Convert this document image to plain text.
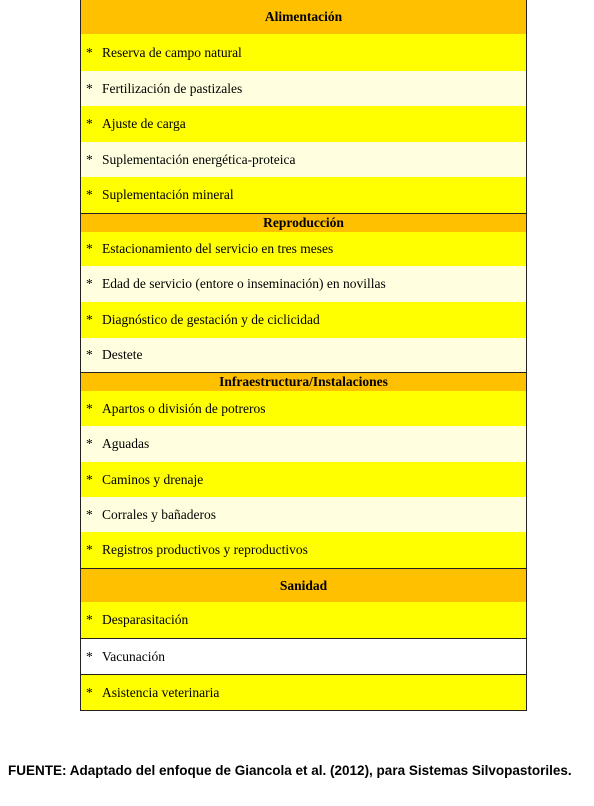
Alimentación
* Reserva de campo natural
* Fertilización de pastizales
* Ajuste de carga
* Suplementación energética-proteica
* Suplementación mineral
Reproducción
* Estacionamiento del servicio en tres meses
* Edad de servicio (entore o inseminación) en novillas
* Diagnóstico de gestación y de ciclicidad
* Destete
Infraestructura/Instalaciones
* Apartos o división de potreros
* Aguadas
* Caminos y drenaje
* Corrales y bañaderos
* Registros productivos y reproductivos
Sanidad
* Desparasitación
* Vacunación
* Asistencia veterinaria
FUENTE: Adaptado del enfoque de Giancola et al. (2012), para Sistemas Silvopastoriles.
